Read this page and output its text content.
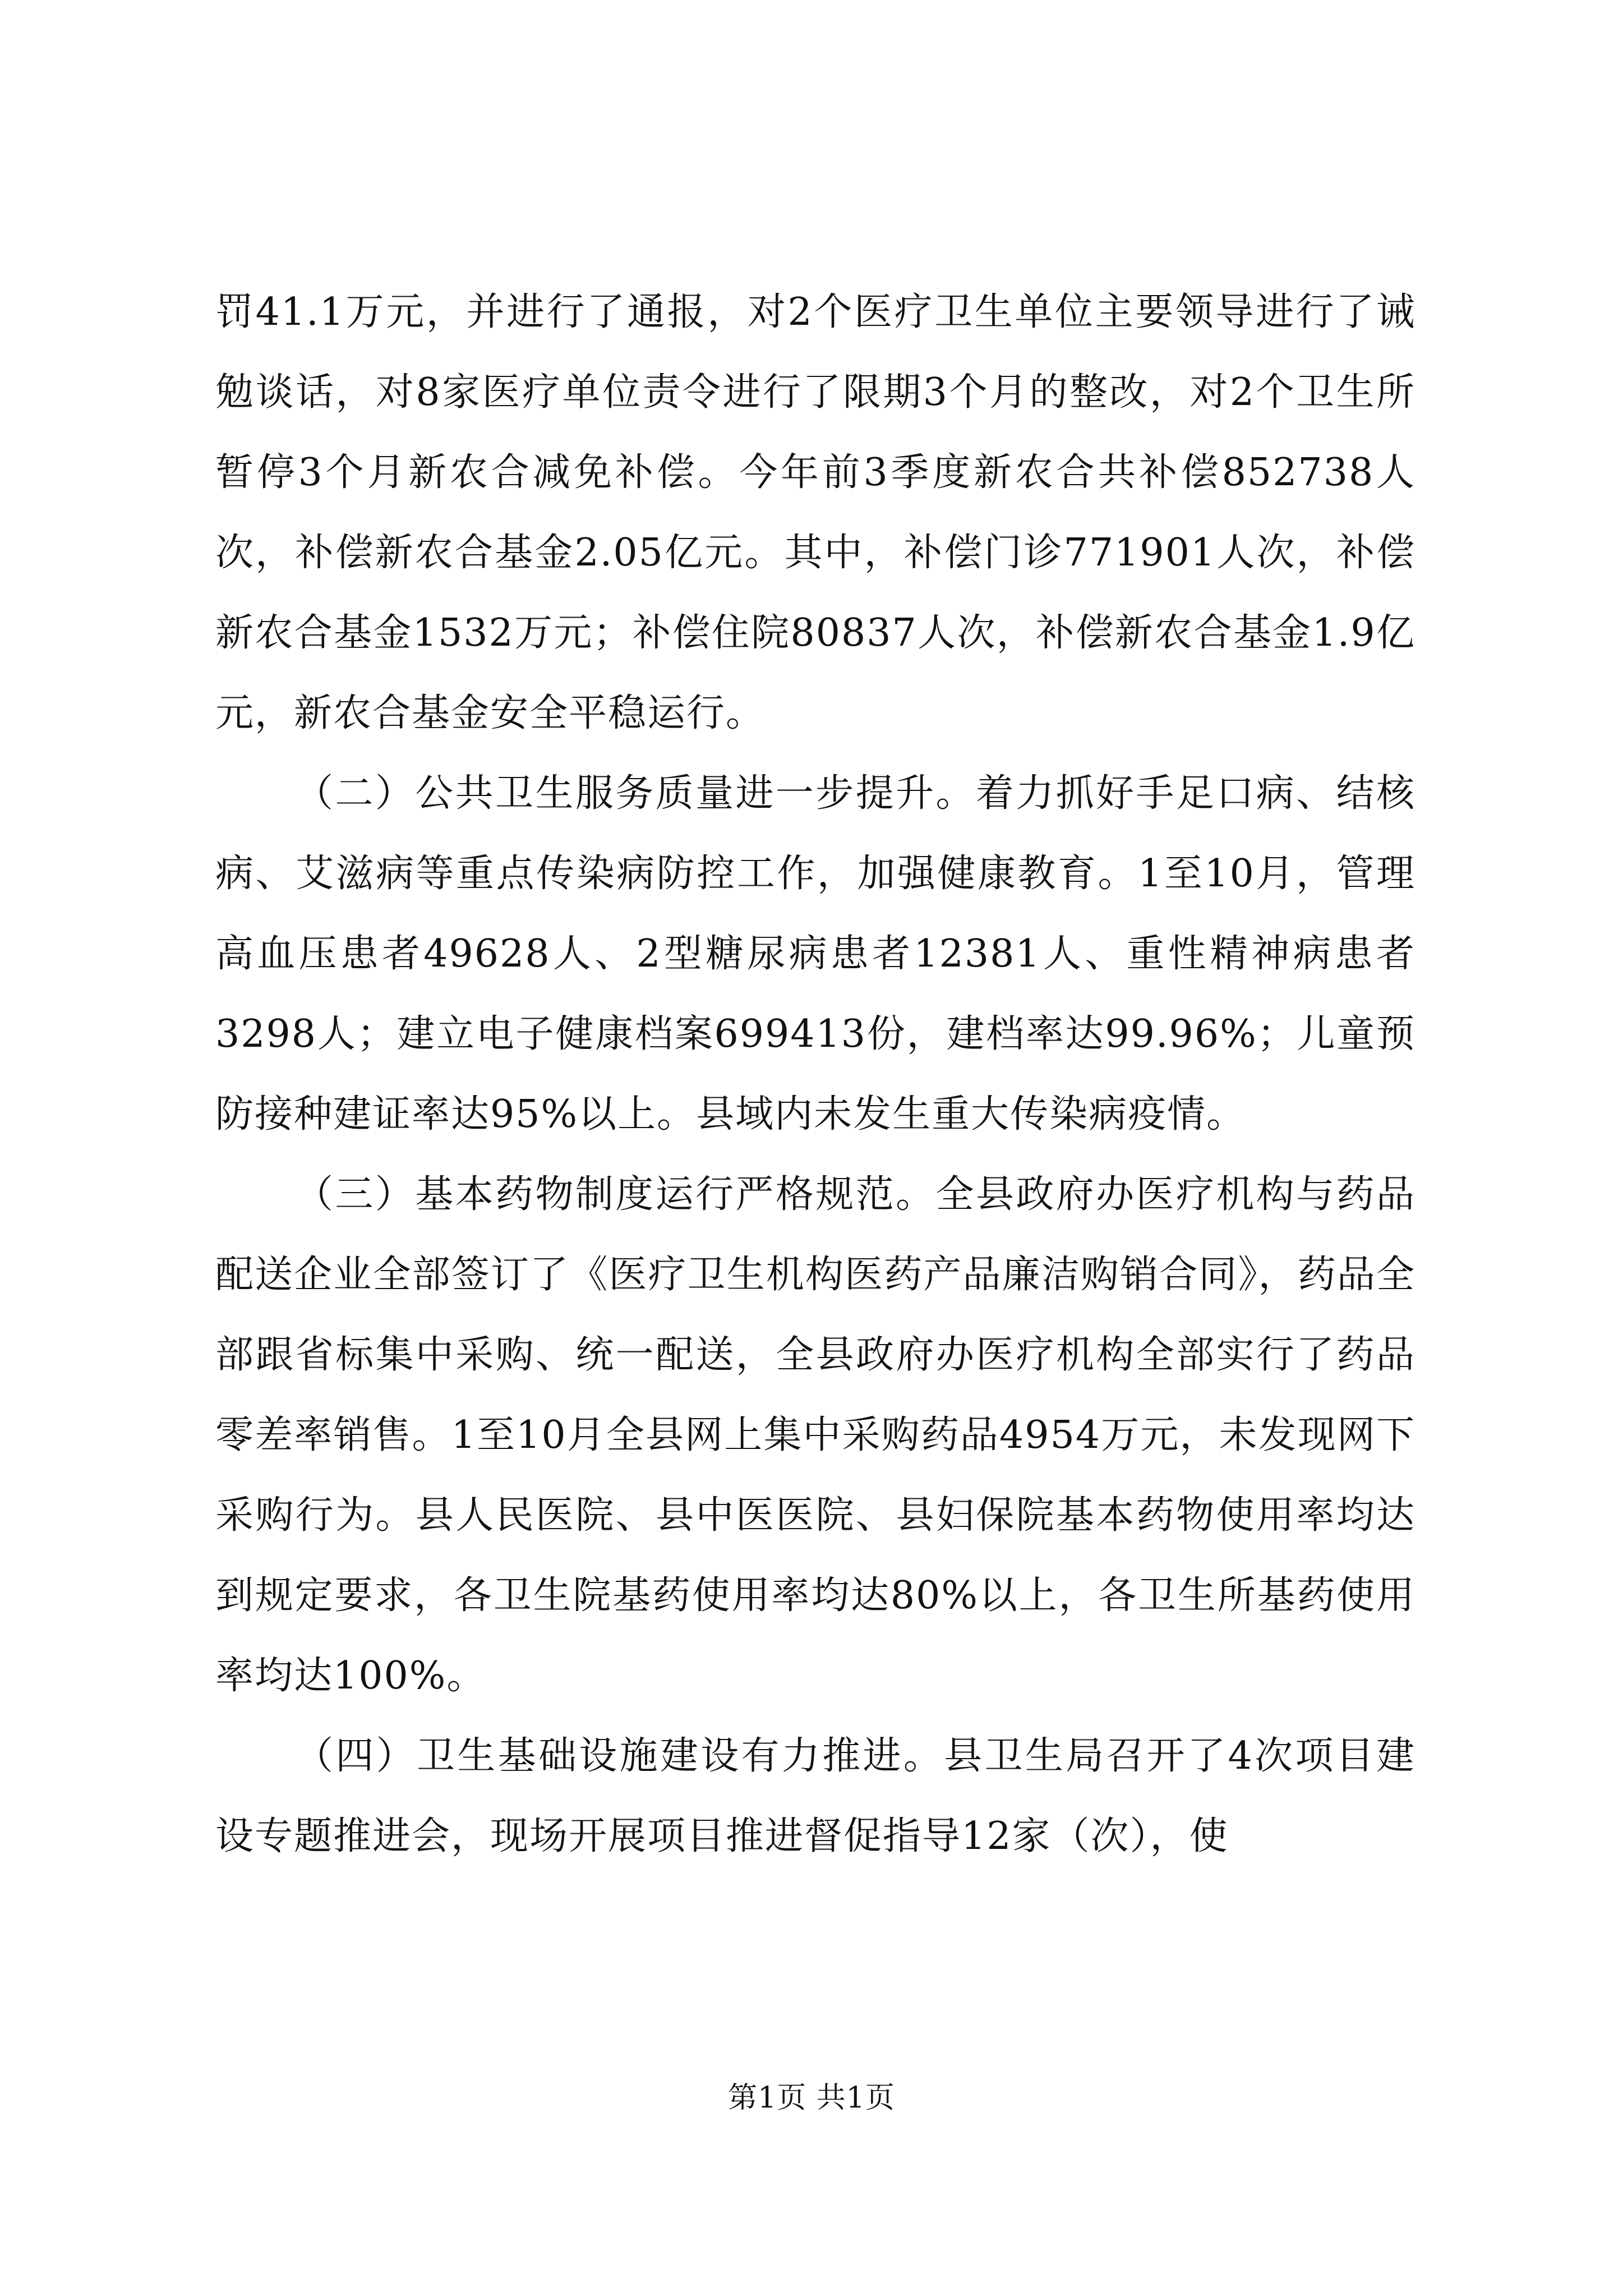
罚41.1万元，并进行了通报，对2个医疗卫生单位主要领导进行了诫勉谈话，对8家医疗单位责令进行了限期3个月的整改，对2个卫生所暂停3个月新农合减免补偿。今年前3季度新农合共补偿852738人次，补偿新农合基金2.05亿元。其中，补偿门诊771901人次，补偿新农合基金1532万元；补偿住院80837人次，补偿新农合基金1.9亿元，新农合基金安全平稳运行。

（二）公共卫生服务质量进一步提升。着力抓好手足口病、结核病、艾滋病等重点传染病防控工作，加强健康教育。1至10月，管理高血压患者49628人、2型糖尿病患者12381人、重性精神病患者3298人；建立电子健康档案699413份，建档率达99.96%；儿童预防接种建证率达95%以上。县域内未发生重大传染病疫情。

（三）基本药物制度运行严格规范。全县政府办医疗机构与药品配送企业全部签订了《医疗卫生机构医药产品廉洁购销合同》，药品全部跟省标集中采购、统一配送，全县政府办医疗机构全部实行了药品零差率销售。1至10月全县网上集中采购药品4954万元，未发现网下采购行为。县人民医院、县中医医院、县妇保院基本药物使用率均达到规定要求，各卫生院基药使用率均达80%以上，各卫生所基药使用率均达100%。

（四）卫生基础设施建设有力推进。县卫生局召开了4次项目建设专题推进会，现场开展项目推进督促指导12家（次），使

第1页 共1页
